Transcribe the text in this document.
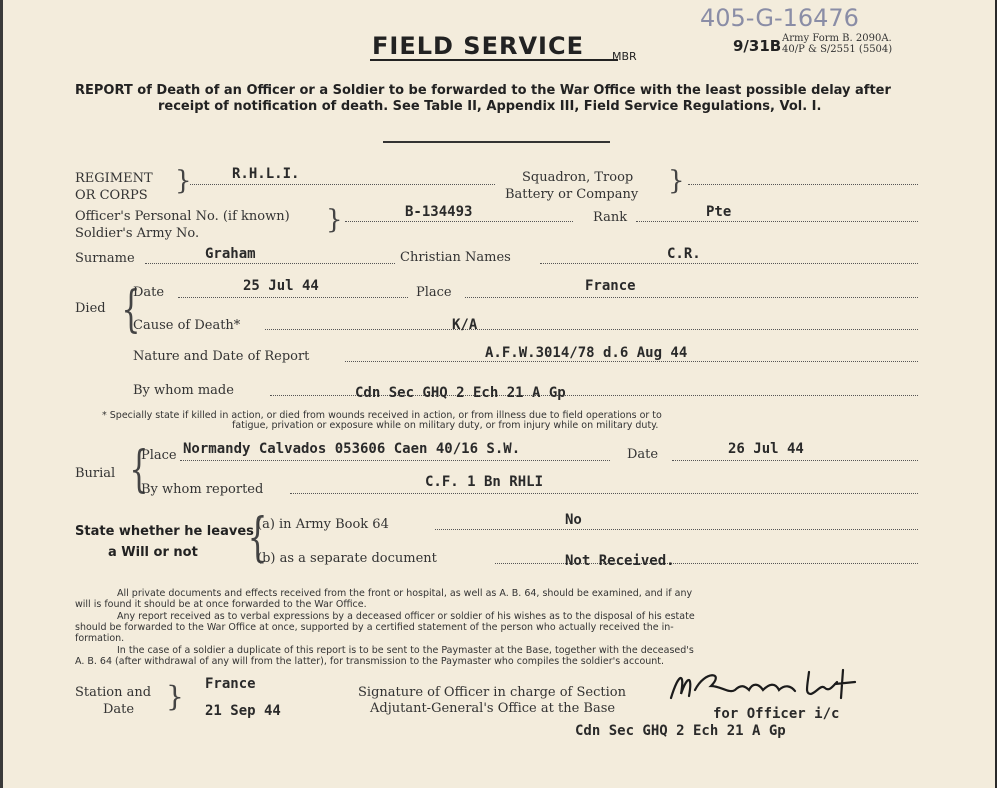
FIELD SERVICE	MBR
9/31B Army Form B. 2090A.
40/P & S/2551 (5504)
405-G-16476
REPORT of Death of an Officer or a Soldier to be forwarded to the War Office with the least possible delay after
receipt of notification of death. See Table II, Appendix III, Field Service Regulations, Vol. I.
REGIMENT
OR CORPS }	R.H.L.I.	Squadron, Troop
Battery or Company }
Officer's Personal No. (if known)
Soldier's Army No.	}	B-134493	Rank	Pte
Surname	Graham	Christian Names	C.R.
Died {
Date	25 Jul 44	Place	France
Cause of Death*	K/A
Nature and Date of Report	A.F.W.3014/78 d.6 Aug 44
By whom made	Cdn Sec GHQ 2 Ech 21 A Gp
* Specially state if killed in action, or died from wounds received in action, or from illness due to field operations or to
fatigue, privation or exposure while on military duty, or from injury while on military duty.
Burial {
Place Normandy Calvados 053606 Caen 40/16 S.W.	Date	26 Jul 44
By whom reported	C.F. 1 Bn RHLI
State whether he leaves
a Will or not {
(a) in Army Book 64	No
(b) as a separate document	Not Received.
All private documents and effects received from the front or hospital, as well as A. B. 64, should be examined, and if any
will is found it should be at once forwarded to the War Office.
Any report received as to verbal expressions by a deceased officer or soldier of his wishes as to the disposal of his estate
should be forwarded to the War Office at once, supported by a certified statement of the person who actually received the in-
formation.
In the case of a soldier a duplicate of this report is to be sent to the Paymaster at the Base, together with the deceased's
A. B. 64 (after withdrawal of any will from the latter), for transmission to the Paymaster who compiles the soldier's account.
Station and
Date } France
21 Sep 44
Signature of Officer in charge of Section
Adjutant-General's Office at the Base	for Officer i/c
Cdn Sec GHQ 2 Ech 21 A Gp
